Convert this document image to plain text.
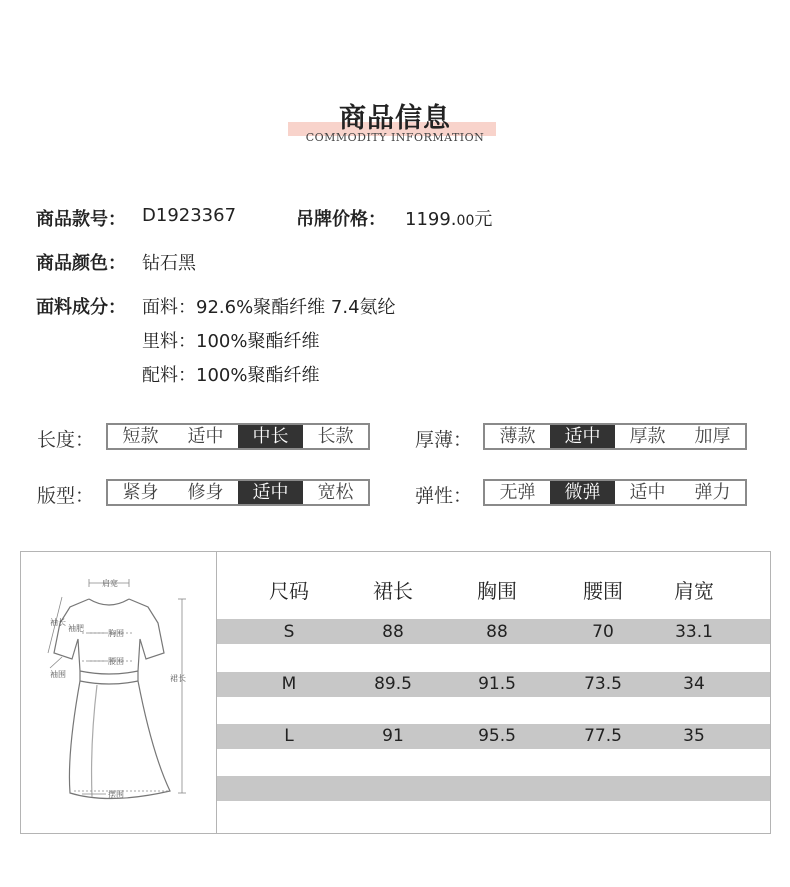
商品信息
COMMODITY INFORMATION
商品款号： D1923367	吊牌价格： 1199.00元
商品颜色： 钻石黑
面料成分： 面料：92.6%聚酯纤维 7.4氨纶
里料：100%聚酯纤维
配料：100%聚酯纤维
长度：	短款	适中	中长	长款	厚薄：	薄款	适中	厚款	加厚
版型：	紧身	修身	适中	宽松	弹性：	无弹	微弹	适中	弹力
肩宽
袖长
袖肥
胸围
腰围
袖围	裙长
摆围
尺码	裙长	胸围	腰围	肩宽
S	88	88	70	33.1
M	89.5	91.5	73.5	34
L	91	95.5	77.5	35
